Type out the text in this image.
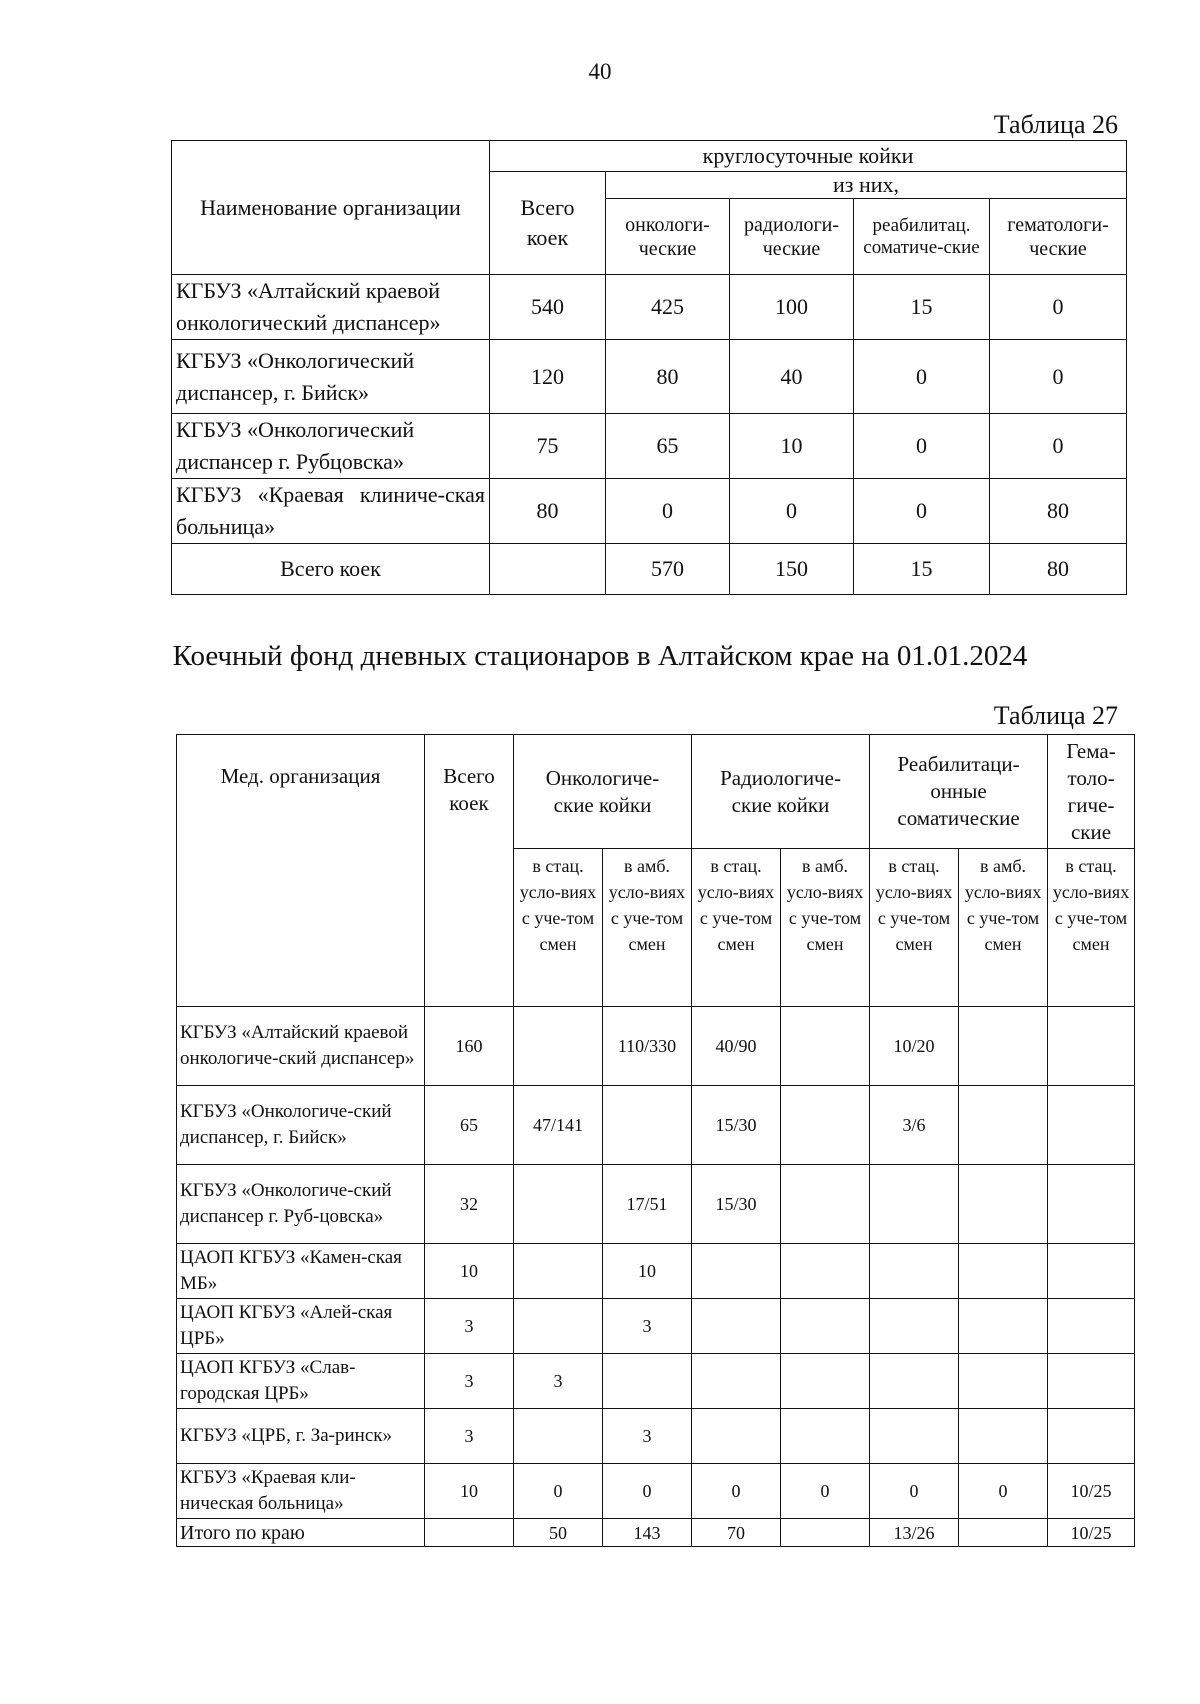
40
Таблица 26
Наименование организации	круглосуточные койки				
	Всего коек	из них,			
		онкологи-ческие	радиологи-ческие	реабилитац. соматиче-ские	гематологи-ческие
КГБУЗ «Алтайский краевой онкологический диспансер»	540	425	100	15	0
КГБУЗ «Онкологический диспансер, г. Бийск»	120	80	40	0	0
КГБУЗ «Онкологический диспансер г. Рубцовска»	75	65	10	0	0
КГБУЗ «Краевая клиниче-ская больница»	80	0	0	0	80
Всего коек		570	150	15	80
Коечный фонд дневных стационаров в Алтайском крае на 01.01.2024
Таблица 27
Мед. организация	Всего коек	Онкологиче-ские койки		Радиологиче-ские койки		Реабилитаци-онные соматические		Гема-толо-гиче-ские
		в стац. усло-виях с уче-том смен	в амб. усло-виях с уче-том смен	в стац. усло-виях с уче-том смен	в амб. усло-виях с уче-том смен	в стац. усло-виях с уче-том смен	в амб. усло-виях с уче-том смен	в стац. усло-виях с уче-том смен
КГБУЗ «Алтайский краевой онкологиче-ский диспансер»	160		110/330	40/90		10/20		
КГБУЗ «Онкологиче-ский диспансер, г. Бийск»	65	47/141		15/30		3/6		
КГБУЗ «Онкологиче-ский диспансер г. Руб-цовска»	32		17/51	15/30				
ЦАОП КГБУЗ «Камен-ская МБ»	10		10					
ЦАОП КГБУЗ «Алей-ская ЦРБ»	3		3					
ЦАОП КГБУЗ «Слав-городская ЦРБ»	3	3						
КГБУЗ «ЦРБ, г. За-ринск»	3		3					
КГБУЗ «Краевая кли-ническая больница»	10	0	0	0	0	0	0	10/25
Итого по краю		50	143	70		13/26		10/25
